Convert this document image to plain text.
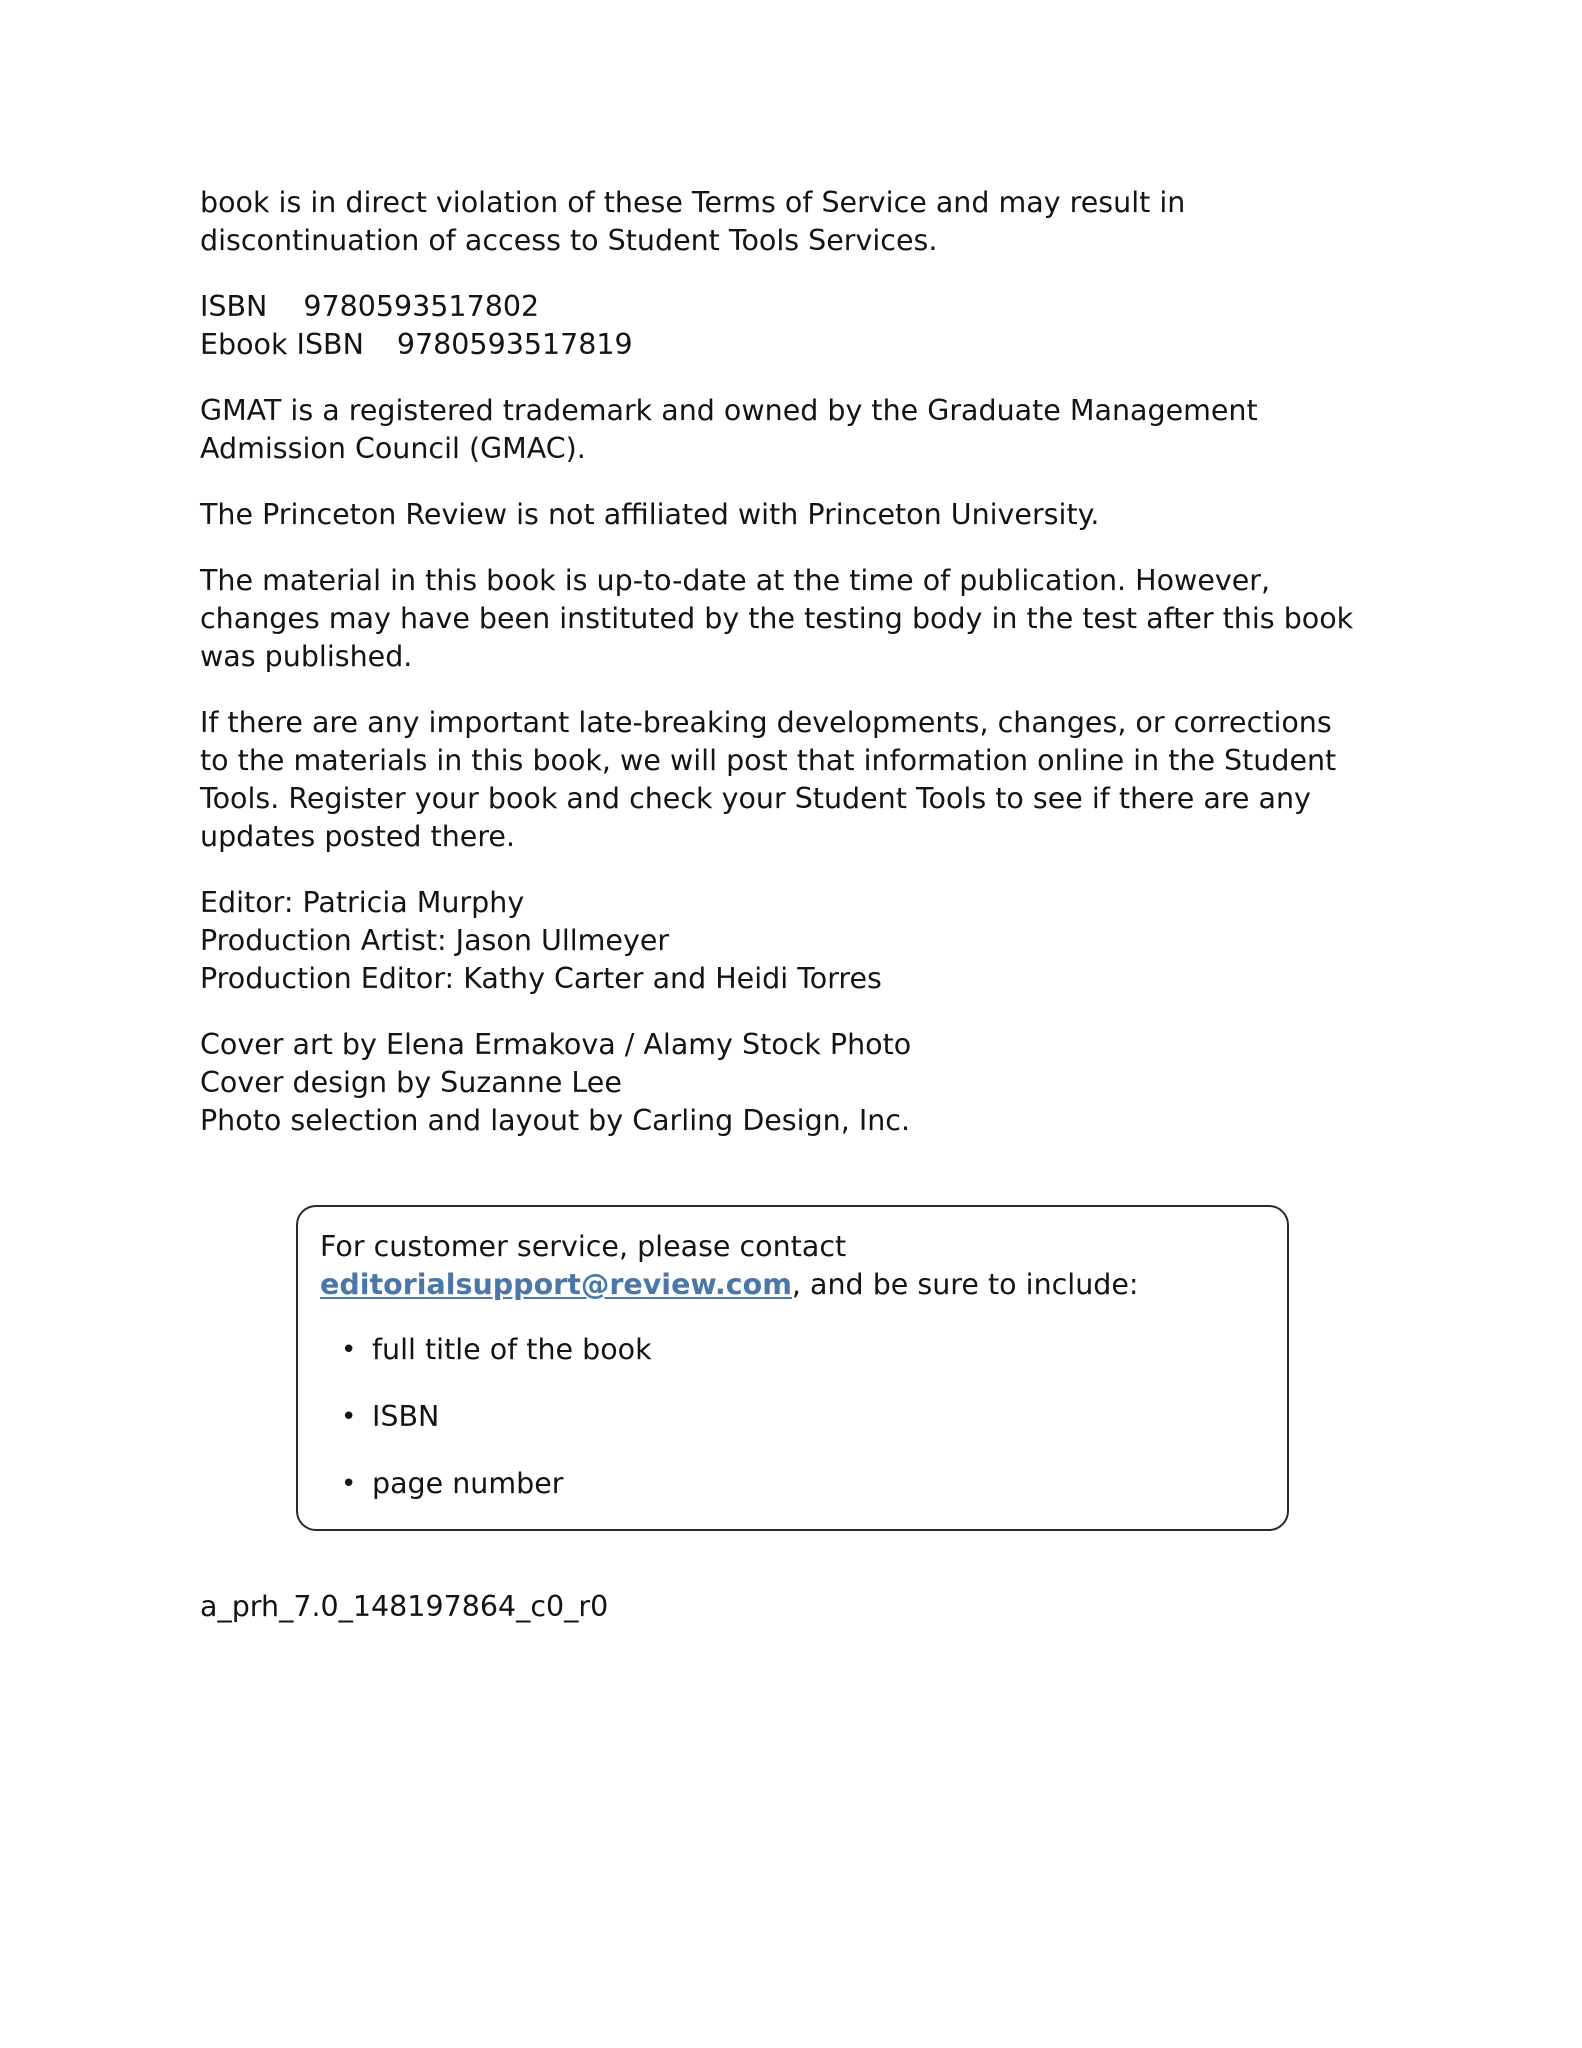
book is in direct violation of these Terms of Service and may result in
discontinuation of access to Student Tools Services.

ISBN 9780593517802
Ebook ISBN 9780593517819

GMAT is a registered trademark and owned by the Graduate Management
Admission Council (GMAC).

The Princeton Review is not affiliated with Princeton University.

The material in this book is up-to-date at the time of publication. However,
changes may have been instituted by the testing body in the test after this book
was published.

If there are any important late-breaking developments, changes, or corrections
to the materials in this book, we will post that information online in the Student
Tools. Register your book and check your Student Tools to see if there are any
updates posted there.

Editor: Patricia Murphy
Production Artist: Jason Ullmeyer
Production Editor: Kathy Carter and Heidi Torres

Cover art by Elena Ermakova / Alamy Stock Photo
Cover design by Suzanne Lee
Photo selection and layout by Carling Design, Inc.

For customer service, please contact
editorialsupport@review.com, and be sure to include:

• full title of the book
• ISBN
• page number
a_prh_7.0_148197864_c0_r0
